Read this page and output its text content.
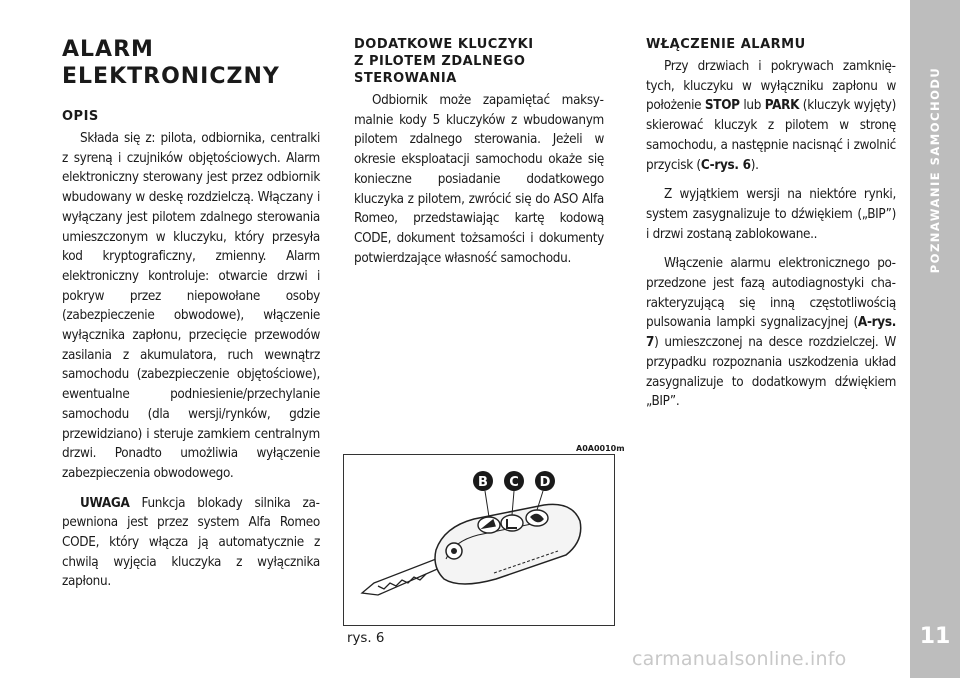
ALARM
ELEKTRONICZNY
OPIS

Składa się z: pilota, odbiornika, centralki z syreną i czujników objętościowych. Alarm elektroniczny sterowany jest przez odbiornik wbudowany w deskę rozdzielczą. Włączany i wyłączany jest pilotem zdalnego sterowania umieszczonym w kluczyku, który przesyła kod kryptograficzny, zmienny. Alarm elektroniczny kontroluje: otwarcie drzwi i pokryw przez niepowołane osoby (zabezpieczenie obwodowe), włączenie wyłącznika zapłonu, przecięcie przewodów zasilania z akumulatora, ruch wewnątrz samochodu (zabezpieczenie objętościowe), ewentualne podniesienie/przechylanie samochodu (dla wersji/rynków, gdzie przewidziano) i steruje zamkiem centralnym drzwi. Ponadto umożliwia wyłączenie zabezpieczenia obwodowego.

UWAGA Funkcja blokady silnika zapewniona jest przez system Alfa Romeo CODE, który włącza ją automatycznie z chwilą wyjęcia kluczyka z wyłącznika zapłonu.

DODATKOWE KLUCZYKI
Z PILOTEM ZDALNEGO
STEROWANIA

Odbiornik może zapamiętać maksymalnie kody 5 kluczyków z wbudowanym pilotem zdalnego sterowania. Jeżeli w okresie eksploatacji samochodu okaże się konieczne posiadanie dodatkowego kluczyka z pilotem, zwrócić się do ASO Alfa Romeo, przedstawiając kartę kodową CODE, dokument tożsamości i dokumenty potwierdzające własność samochodu.

WŁĄCZENIE ALARMU

Przy drzwiach i pokrywach zamkniętych, kluczyku w wyłączniku zapłonu w położenie STOP lub PARK (kluczyk wyjęty) skierować kluczyk z pilotem w stronę samochodu, a następnie nacisnąć i zwolnić przycisk (C-rys. 6).

Z wyjątkiem wersji na niektóre rynki, system zasygnalizuje to dźwiękiem („BIP”) i drzwi zostaną zablokowane..

Włączenie alarmu elektronicznego poprzedzone jest fazą autodiagnostyki charakteryzującą się inną częstotliwością pulsowania lampki sygnalizacyjnej (A-rys. 7) umieszczonej na desce rozdzielczej. W przypadku rozpoznania uszkodzenia układ zasygnalizuje to dodatkowym dźwiękiem „BIP”.

A0A0010m
B C D
rys. 6
POZNAWANIE SAMOCHODU
11
carmanualsonline.info
